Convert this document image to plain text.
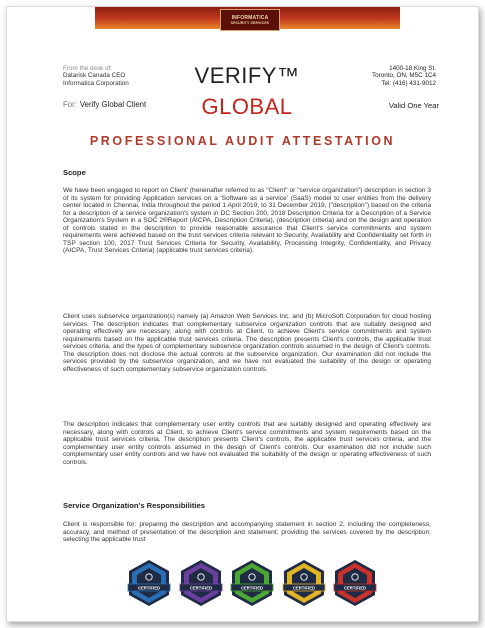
INFORMATICA
SECURITY SERVICES
From the desk of:
Datarisk Canada CEO
Informatica Corporation
For: Verify Global Client
VERIFY™
GLOBAL
1400-18 King St.
Toronto, ON, M5C 1C4
Tel: (416) 431-9012
Valid One Year
PROFESSIONAL AUDIT ATTESTATION
Scope
We have been engaged to report on Client' (hereinafter referred to as "Client" or "service organization") description in section 3 of its system for providing Application services on a 'Software as a service' (SaaS) model to user entities from the delivery center located in Chennai, India throughout the period 1 April 2019, to 31 December 2019, ("description") based on the criteria for a description of a service organization's system in DC Section 200, 2018 Description Criteria for a Description of a Service Organization's System in a SOC 2®Report (AICPA, Description Criteria), (description criteria) and on the design and operation of controls stated in the description to provide reasonable assurance that Client's service commitments and system requirements were achieved based on the trust services criteria relevant to Security, Availability and Confidentiality set forth in TSP section 100, 2017 Trust Services Criteria for Security, Availability, Processing Integrity, Confidentiality, and Privacy (AICPA, Trust Services Criteria) (applicable trust services criteria).
Client uses subservice organization(s) namely (a) Amazon Web Services Inc. and (b) MicroSoft Corporation for cloud hosting services. The description indicates that complementary subservice organization controls that are suitably designed and operating effectively are necessary, along with controls at Client, to achieve Client's service commitments and system requirements based on the applicable trust services criteria. The description presents Client's controls, the applicable trust services criteria, and the types of complementary subservice organization controls assumed in the design of Client's controls. The description does not disclose the actual controls at the subservice organization. Our examination did not include the services provided by the subservice organization, and we have not evaluated the suitability of the design or operating effectiveness of such complementary subservice organization controls.
The description indicates that complementary user entity controls that are suitably designed and operating effectively are necessary, along with controls at Client, to achieve Client's service commitments and system requirements based on the applicable trust services criteria. The description presents Client's controls, the applicable trust services criteria, and the complementary user entity controls assumed in the design of Client's controls. Our examination did not include such complementary user entity controls and we have not evaluated the suitability of the design or operating effectiveness of such controls.
Service Organization's Responsibilities
Client is responsible for: preparing the description and accompanying statement in section 2, including the completeness, accuracy, and method of presentation of the description and statement; providing the services covered by the description; selecting the applicable trust
CERTIFIED	CERTIFIED	CERTIFIED	CERTIFIED	CERTIFIED
